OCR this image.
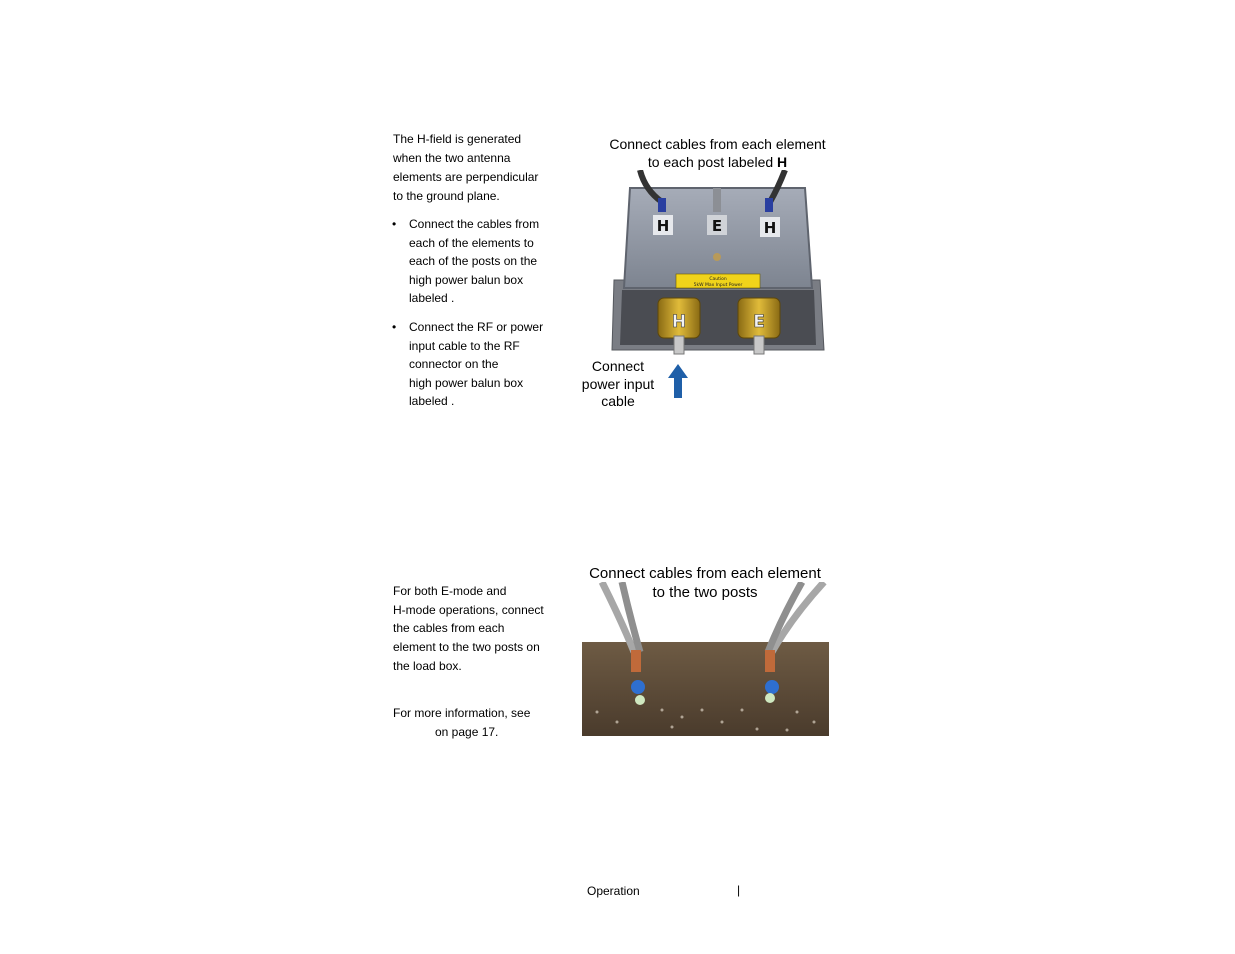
The H-field is generated
when the two antenna
elements are perpendicular
to the ground plane.
• Connect the cables from
each of the elements to
each of the posts on the
high power balun box
labeled .
• Connect the RF or power
input cable to the RF
connector on the
high power balun box
labeled .
Connect cables from each element
to each post labeled H
H	E	H
Caution
5kW Max Input Power
H	E
Connect
power input
cable
For both E-mode and
H-mode operations, connect
the cables from each
element to the two posts on
the load box.
For more information, see
on page 17.
Connect cables from each element
to the two posts
Operation	|
